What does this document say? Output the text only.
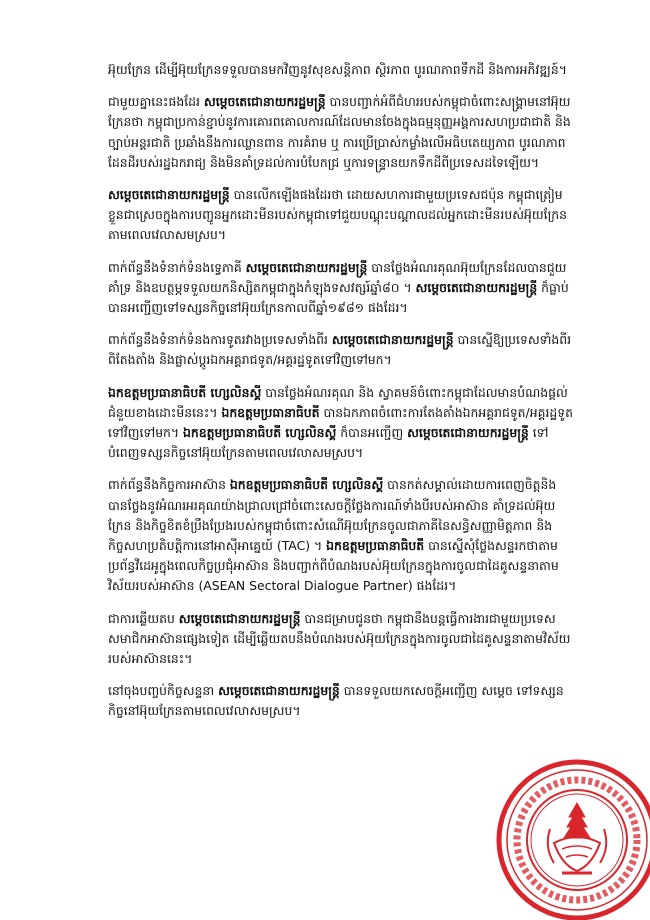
អ៊ុយក្រែន ដើម្បីអ៊ុយក្រែនទទួលបានមកវិញនូវសុខសន្តិភាព ស្ថិរភាព បូរណភាពទឹកដី និងការអភិវឌ្ឍន៍។

ជាមួយគ្នានេះផងដែរ សម្តេចតេជោនាយករដ្ឋមន្ត្រី បានបញ្ជាក់អំពីជំហររបស់កម្ពុជាចំពោះសង្គ្រាមនៅអ៊ុយក្រែនថា កម្ពុជាប្រកាន់ខ្ជាប់នូវការគោរពគោលការណ៍ដែលមានចែងក្នុងធម្មនុញ្ញអង្គការសហប្រជាជាតិ និងច្បាប់អន្តរជាតិ ប្រឆាំងនឹងការឈ្លានពាន ការគំរាម ឬ ការប្រើប្រាស់កម្លាំងលើអធិបតេយ្យភាព បូរណភាពដែនដីរបស់រដ្ឋឯករាជ្យ និងមិនគាំទ្រដល់ការបំបែកជ្រ ឬការទន្ទ្រានយកទឹកដីពីប្រទេសដទៃឡើយ។

សម្តេចតេជោនាយករដ្ឋមន្ត្រី បានលើកឡើងផងដែរថា ដោយសហការជាមួយប្រទេសជប៉ុន កម្ពុជាត្រៀមខ្លួនជាស្រេចក្នុងការបញ្ជូនអ្នកដោះមីនរបស់កម្ពុជាទៅជួយបណ្តុះបណ្តាលដល់អ្នកដោះមីនរបស់អ៊ុយក្រែនតាមពេលវេលាសមស្រប។

ពាក់ព័ន្ធនឹងទំនាក់ទំនងទ្វេភាគី សម្តេចតេជោនាយករដ្ឋមន្ត្រី បានថ្លែងអំណរគុណអ៊ុយក្រែនដែលបានជួយគាំទ្រ និងឧបត្ថម្ភទទួលយកនិស្សិតកម្ពុជាក្នុងកំឡុងទសវត្សរ៍ឆ្នាំ៨០ ។ សម្តេចតេជោនាយករដ្ឋមន្ត្រី ក៏ធ្លាប់បានអញ្ជើញទៅទស្សនកិច្ចនៅអ៊ុយក្រែនកាលពីឆ្នាំ១៩៨១ ផងដែរ។

ពាក់ព័ន្ធនឹងទំនាក់ទំនងការទូតរវាងប្រទេសទាំងពីរ សម្តេចតេជោនាយករដ្ឋមន្ត្រី បានស្នើឱ្យប្រទេសទាំងពីរពិតែងតាំង និងផ្លាស់ប្តូរឯកអគ្គរាជទូត/អគ្គរដ្ឋទូតទៅវិញទៅមក។

ឯកឧត្តមប្រធានាធិបតី ហ្សេលិនស្គី បានថ្លែងអំណរគុណ និង ស្វាគមន៍ចំពោះកម្ពុជាដែលមានបំណងផ្តល់ជំនួយខាងដោះមីននេះ។ ឯកឧត្តមប្រធានាធិបតី បានឯកភាពចំពោះការតែងតាំងឯកអគ្គរាជទូត/អគ្គរដ្ឋទូតទៅវិញទៅមក។ ឯកឧត្តមប្រធានាធិបតី ហ្សេលិនស្គី ក៏បានអញ្ជើញ សម្តេចតេជោនាយករដ្ឋមន្ត្រី ទៅបំពេញទស្សនកិច្ចនៅអ៊ុយក្រែនតាមពេលវេលាសមស្រប។

ពាក់ព័ន្ធនឹងកិច្ចការអាស៊ាន ឯកឧត្តមប្រធានាធិបតី ហ្សេលិនស្គី បានកត់សម្គាល់ដោយការពេញចិត្តនិងបានថ្លែងនូវអំណរអរគុណយ៉ាងជ្រាលជ្រៅចំពោះសេចក្តីថ្លែងការណ៍ទាំងបីរបស់អាស៊ាន គាំទ្រដល់អ៊ុយក្រែន និងកិច្ចខិតខំប្រឹងប្រែងរបស់កម្ពុជាចំពោះសំណើអ៊ុយក្រែនចូលជាភាគីនៃសន្ធិសញ្ញាមិត្តភាព និងកិច្ចសហប្រតិបត្តិការនៅអាស៊ីអាគ្នេយ៍ (TAC) ។ ឯកឧត្តមប្រធានាធិបតី បានស្នើសុំថ្លែងសន្ទរកថាតាមប្រព័ន្ធវីដេអូក្នុងពេលកិច្ចប្រជុំអាស៊ាន និងបញ្ជាក់ពីបំណងរបស់អ៊ុយក្រែនក្នុងការចូលជាដៃគូសន្ទនាតាមវិស័យរបស់អាស៊ាន (ASEAN Sectoral Dialogue Partner) ផងដែរ។

ជាការឆ្លើយតប សម្តេចតេជោនាយករដ្ឋមន្ត្រី បានជម្រាបជូនថា កម្ពុជានឹងបន្តធ្វើការងារជាមួយប្រទេសសមាជិកអាស៊ានផ្សេងទៀត ដើម្បីឆ្លើយតបនឹងបំណងរបស់អ៊ុយក្រែនក្នុងការចូលជាដៃគូសន្ទនាតាមវិស័យរបស់អាស៊ាននេះ។

នៅចុងបញ្ចប់កិច្ចសន្ទនា សម្តេចតេជោនាយករដ្ឋមន្ត្រី បានទទួលយកសេចក្តីអញ្ជើញ សម្តេច ទៅទស្សនកិច្ចនៅអ៊ុយក្រែនតាមពេលវេលាសមស្រប។
